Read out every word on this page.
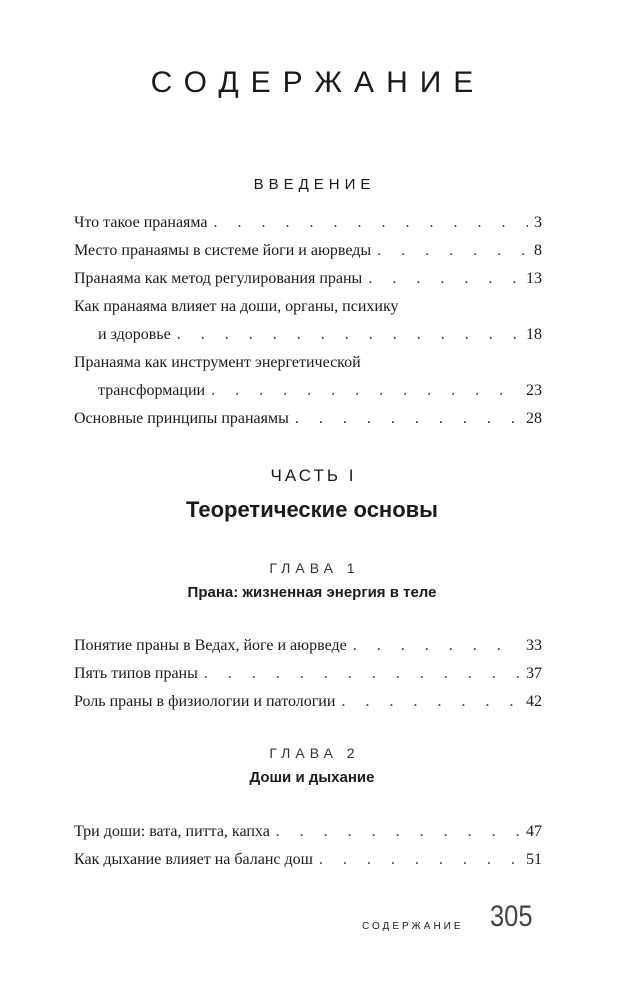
СОДЕРЖАНИЕ
ВВЕДЕНИЕ
Что такое пранаяма . . .	3
Место пранаямы в системе йоги и аюрведы . . .	8
Пранаяма как метод регулирования праны . . .	13
Как пранаяма влияет на доши, органы, психику
и здоровье . . .	18
Пранаяма как инструмент энергетической
трансформации . . .	23
Основные принципы пранаямы . . .	28
ЧАСТЬ I
Теоретические основы
ГЛАВА 1
Прана: жизненная энергия в теле
Понятие праны в Ведах, йоге и аюрведе . . .	33
Пять типов праны . . .	37
Роль праны в физиологии и патологии . . .	42
ГЛАВА 2
Доши и дыхание
Три доши: вата, питта, капха . . .	47
Как дыхание влияет на баланс дош . . .	51
СОДЕРЖАНИЕ 305
